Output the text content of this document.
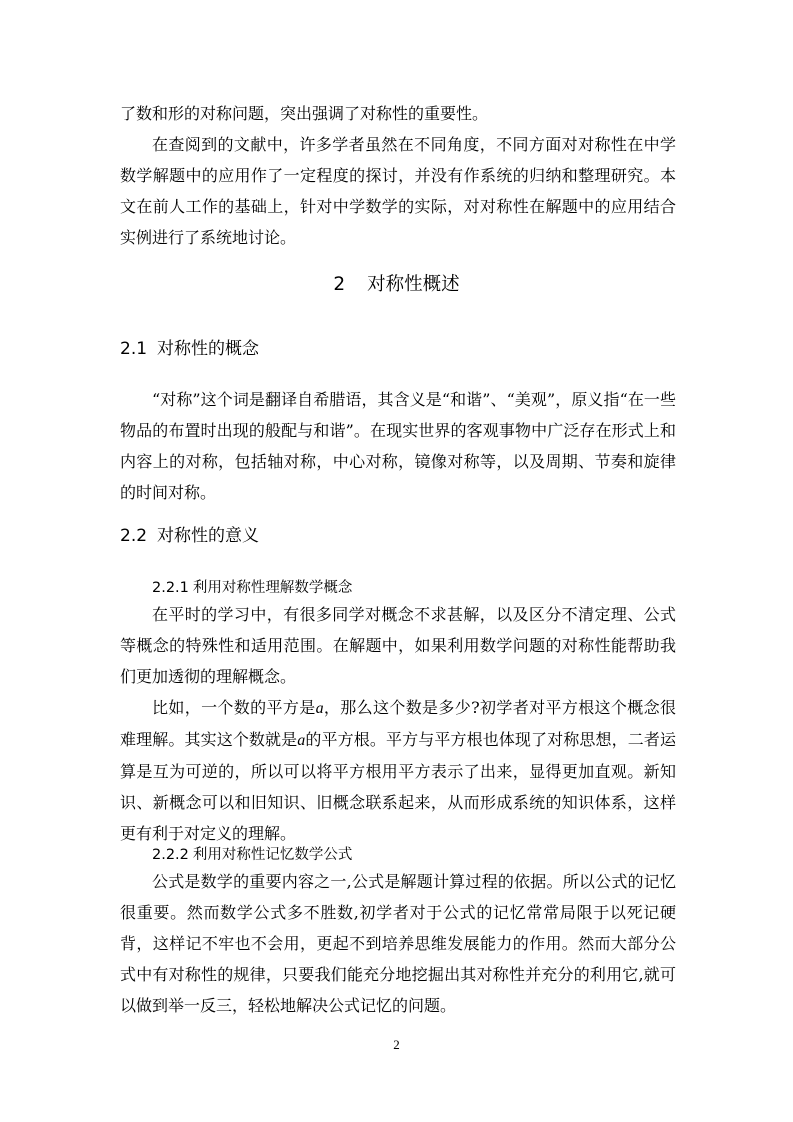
了数和形的对称问题，突出强调了对称性的重要性。

在查阅到的文献中，许多学者虽然在不同角度，不同方面对对称性在中学数学解题中的应用作了一定程度的探讨，并没有作系统的归纳和整理研究。本文在前人工作的基础上，针对中学数学的实际，对对称性在解题中的应用结合实例进行了系统地讨论。

2 对称性概述
2.1 对称性的概念

“对称”这个词是翻译自希腊语，其含义是“和谐”、“美观”，原义指“在一些物品的布置时出现的般配与和谐”。在现实世界的客观事物中广泛存在形式上和内容上的对称，包括轴对称，中心对称，镜像对称等，以及周期、节奏和旋律的时间对称。

2.2 对称性的意义
2.2.1 利用对称性理解数学概念

在平时的学习中，有很多同学对概念不求甚解，以及区分不清定理、公式等概念的特殊性和适用范围。在解题中，如果利用数学问题的对称性能帮助我们更加透彻的理解概念。

比如，一个数的平方是a，那么这个数是多少?初学者对平方根这个概念很难理解。其实这个数就是a的平方根。平方与平方根也体现了对称思想，二者运算是互为可逆的，所以可以将平方根用平方表示了出来，显得更加直观。新知识、新概念可以和旧知识、旧概念联系起来，从而形成系统的知识体系，这样更有利于对定义的理解。

2.2.2 利用对称性记忆数学公式

公式是数学的重要内容之一,公式是解题计算过程的依据。所以公式的记忆很重要。然而数学公式多不胜数,初学者对于公式的记忆常常局限于以死记硬背，这样记不牢也不会用，更起不到培养思维发展能力的作用。然而大部分公式中有对称性的规律，只要我们能充分地挖掘出其对称性并充分的利用它,就可以做到举一反三，轻松地解决公式记忆的问题。

2
